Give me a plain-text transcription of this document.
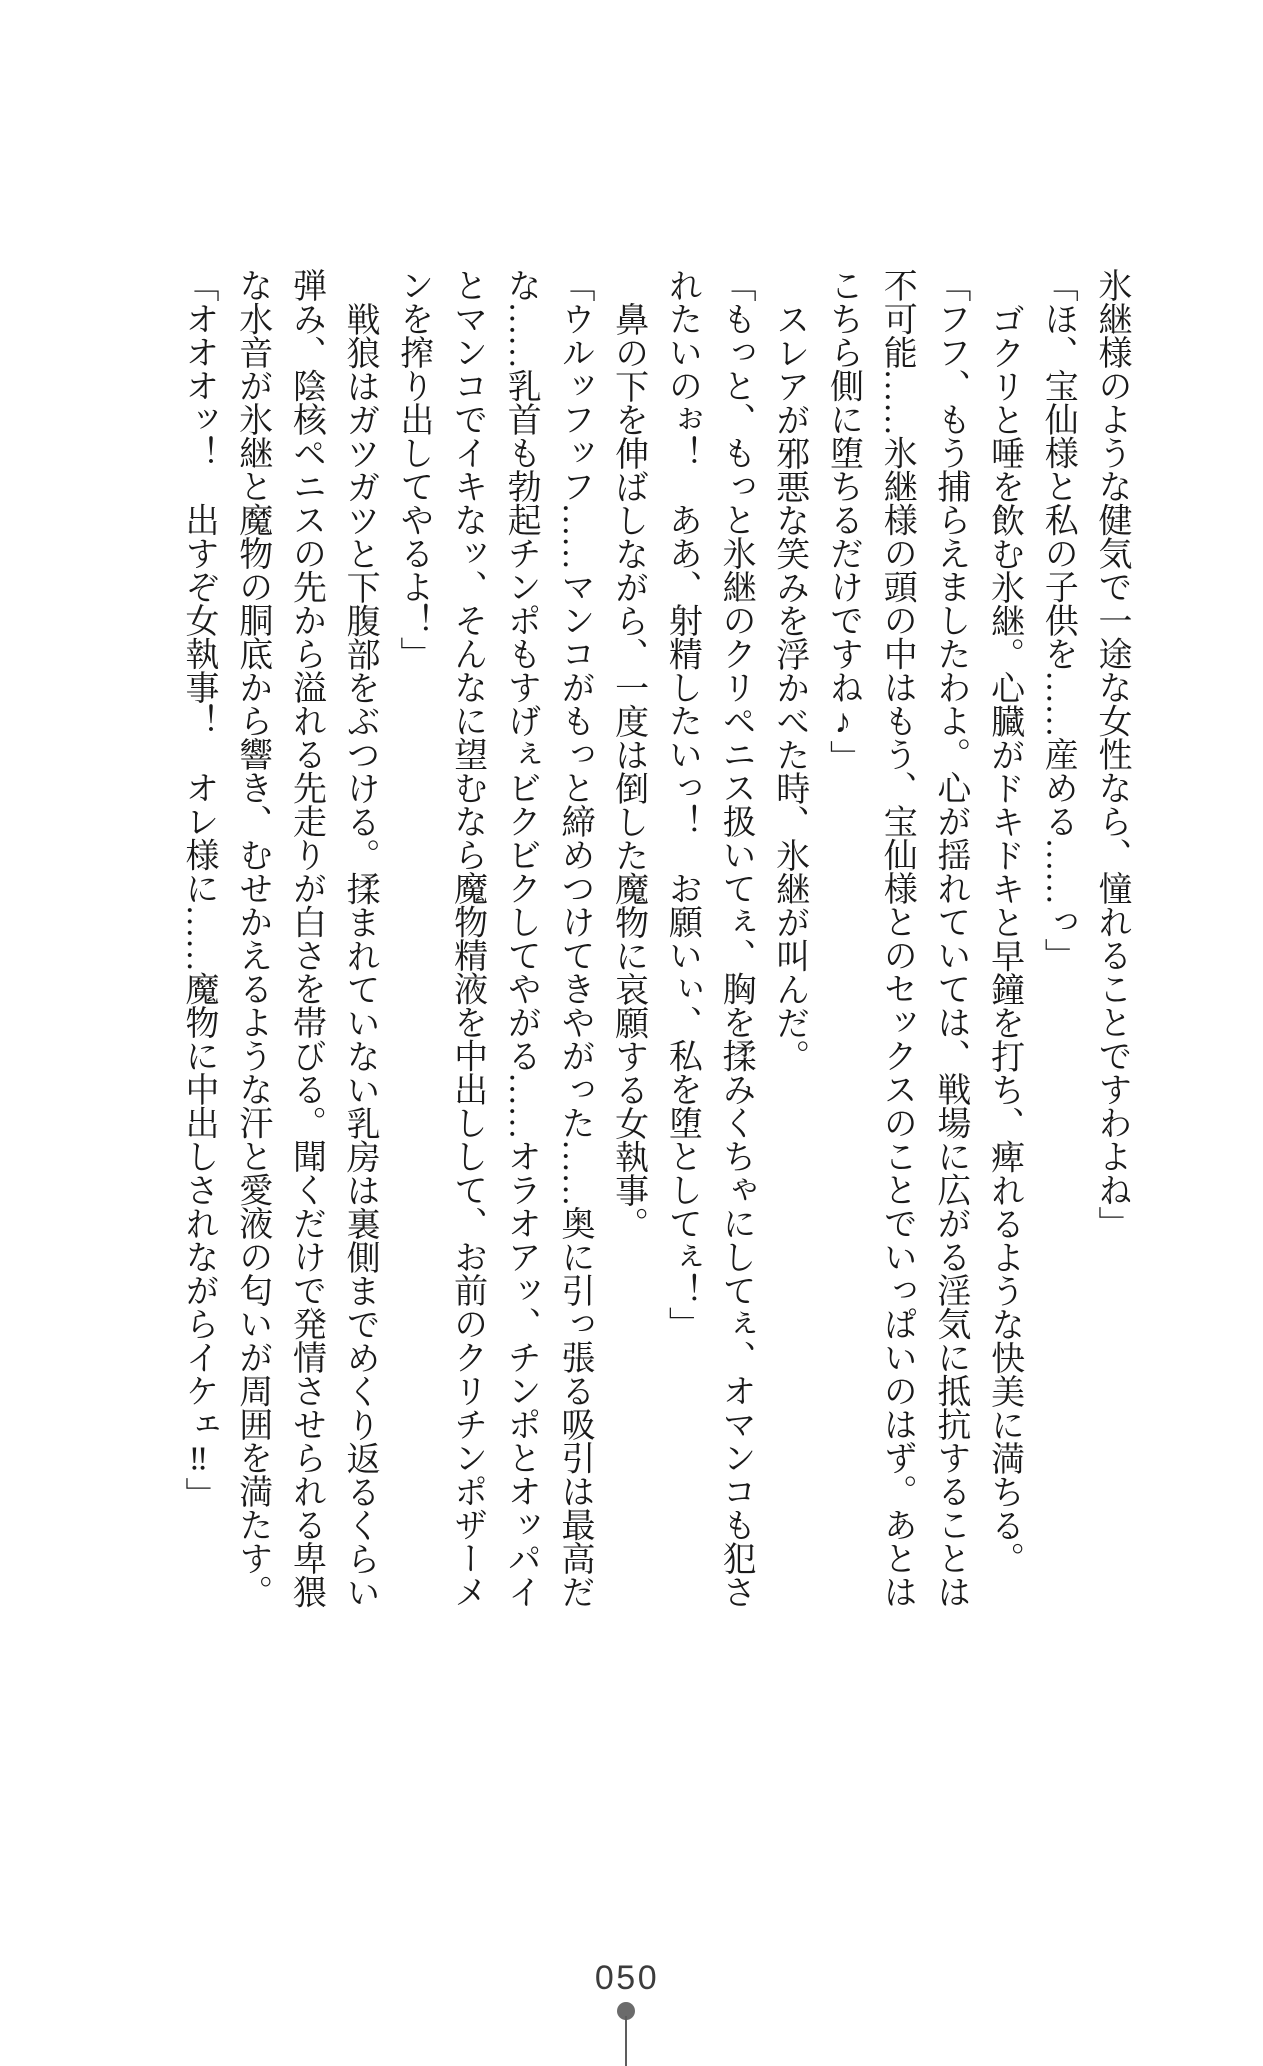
氷継様のような健気で一途な女性なら、憧れることですわよね」

「ほ、宝仙様と私の子供を……産める……っ」

ゴクリと唾を飲む氷継。心臓がドキドキと早鐘を打ち、痺れるような快美に満ちる。

「フフ、もう捕らえましたわよ。心が揺れていては、戦場に広がる淫気に抵抗することは

不可能……氷継様の頭の中はもう、宝仙様とのセックスのことでいっぱいのはず。あとは

こちら側に堕ちるだけですね♪」

スレアが邪悪な笑みを浮かべた時、氷継が叫んだ。

「もっと、もっと氷継のクリペニス扱いてぇ、胸を揉みくちゃにしてぇ、オマンコも犯さ

れたいのぉ！　ああ、射精したいっ！　お願いぃ、私を堕としてぇ！」

鼻の下を伸ばしながら、一度は倒した魔物に哀願する女執事。

「ウルッフッフ……マンコがもっと締めつけてきやがった……奥に引っ張る吸引は最高だ

な……乳首も勃起チンポもすげぇビクビクしてやがる……オラオアッ、チンポとオッパイ

とマンコでイキなッ、そんなに望むなら魔物精液を中出しして、お前のクリチンポザーメ

ンを搾り出してやるよ！」

戦狼はガツガツと下腹部をぶつける。揉まれていない乳房は裏側までめくり返るくらい

弾み、陰核ペニスの先から溢れる先走りが白さを帯びる。聞くだけで発情させられる卑猥

な水音が氷継と魔物の胴底から響き、むせかえるような汗と愛液の匂いが周囲を満たす。

「オオオッ！　出すぞ女執事！　オレ様に……魔物に中出しされながらイケェ‼」

050
